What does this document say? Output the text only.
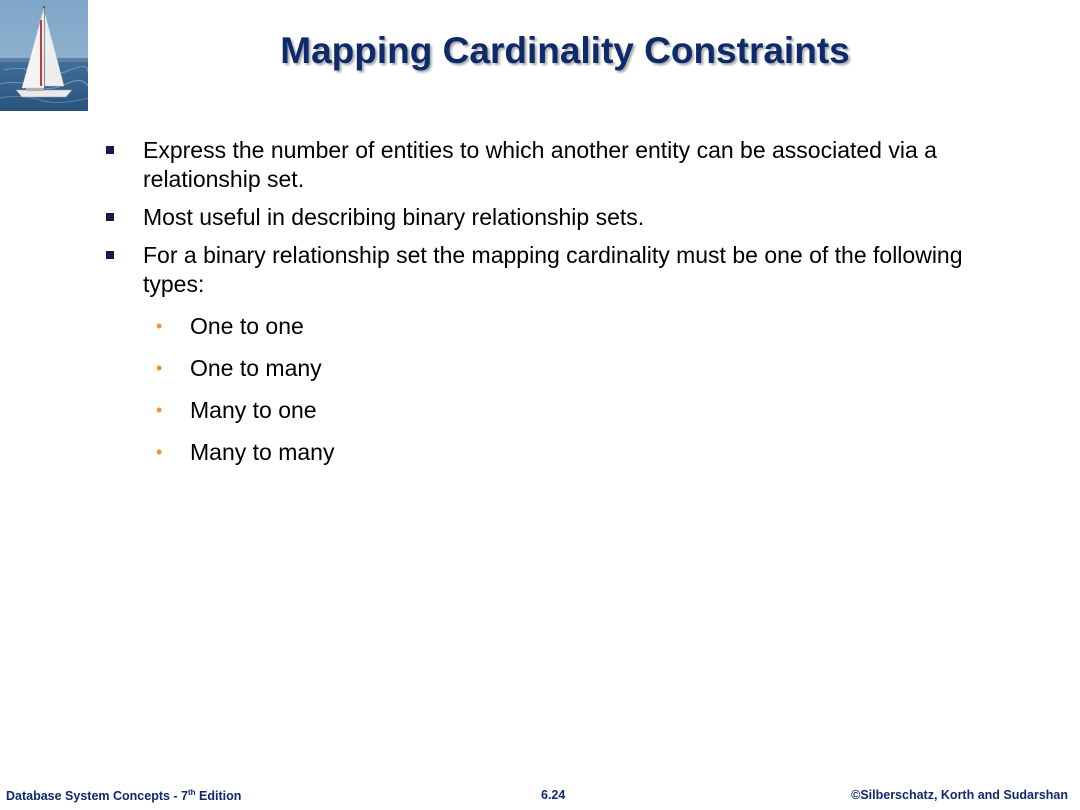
Mapping Cardinality Constraints
Express the number of entities to which another entity can be associated via a relationship set.
Most useful in describing binary relationship sets.
For a binary relationship set the mapping cardinality must be one of the following types:
• One to one
• One to many
• Many to one
• Many to many
Database System Concepts - 7th Edition	6.24	©Silberschatz, Korth and Sudarshan
